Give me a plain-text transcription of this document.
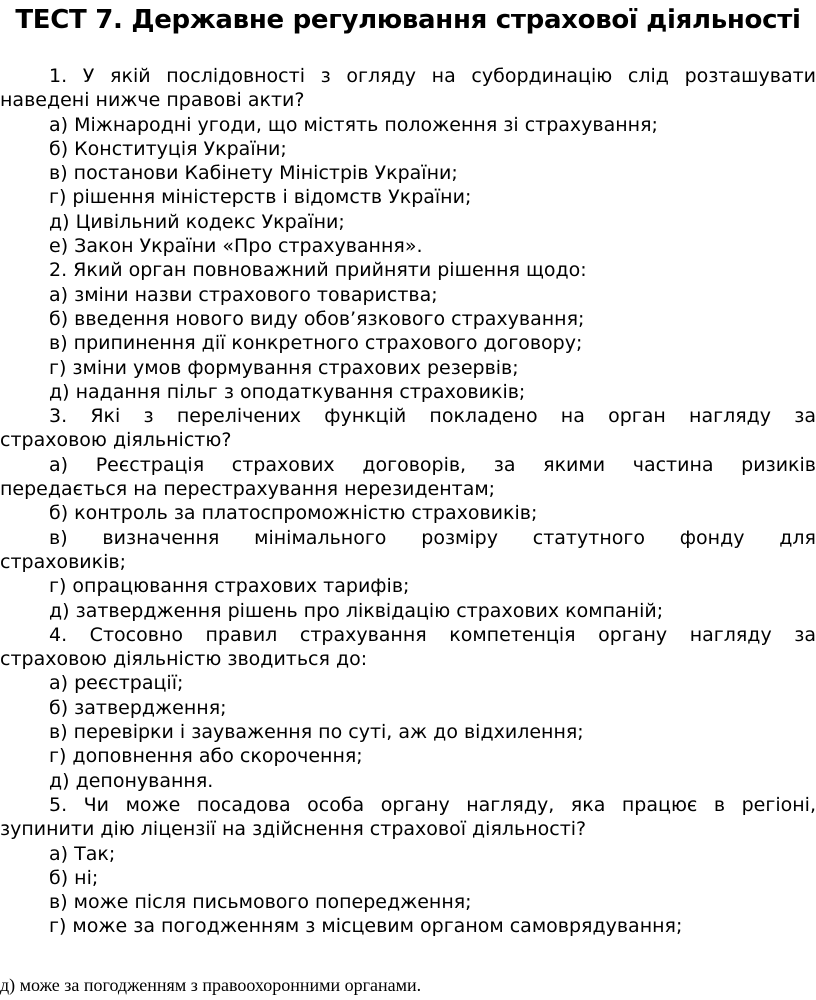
ТЕСТ 7. Державне регулювання страхової діяльності
1. У якій послідовності з огляду на субординацію слід розташувати
наведені нижче правові акти?
а) Міжнародні угоди, що містять положення зі страхування;
б) Конституція України;
в) постанови Кабінету Міністрів України;
г) рішення міністерств і відомств України;
д) Цивільний кодекс України;
е) Закон України «Про страхування».
2. Який орган повноважний прийняти рішення щодо:
а) зміни назви страхового товариства;
б) введення нового виду обов’язкового страхування;
в) припинення дії конкретного страхового договору;
г) зміни умов формування страхових резервів;
д) надання пільг з оподаткування страховиків;
3. Які з перелічених функцій покладено на орган нагляду за
страховою діяльністю?
а) Реєстрація страхових договорів, за якими частина ризиків
передається на перестрахування нерезидентам;
б) контроль за платоспроможністю страховиків;
в) визначення мінімального розміру статутного фонду для
страховиків;
г) опрацювання страхових тарифів;
д) затвердження рішень про ліквідацію страхових компаній;
4. Стосовно правил страхування компетенція органу нагляду за
страховою діяльністю зводиться до:
а) реєстрації;
б) затвердження;
в) перевірки і зауваження по суті, аж до відхилення;
г) доповнення або скорочення;
д) депонування.
5. Чи може посадова особа органу нагляду, яка працює в регіоні,
зупинити дію ліцензії на здійснення страхової діяльності?
а) Так;
б) ні;
в) може після письмового попередження;
г) може за погодженням з місцевим органом самоврядування;
д) може за погодженням з правоохоронними органами.
